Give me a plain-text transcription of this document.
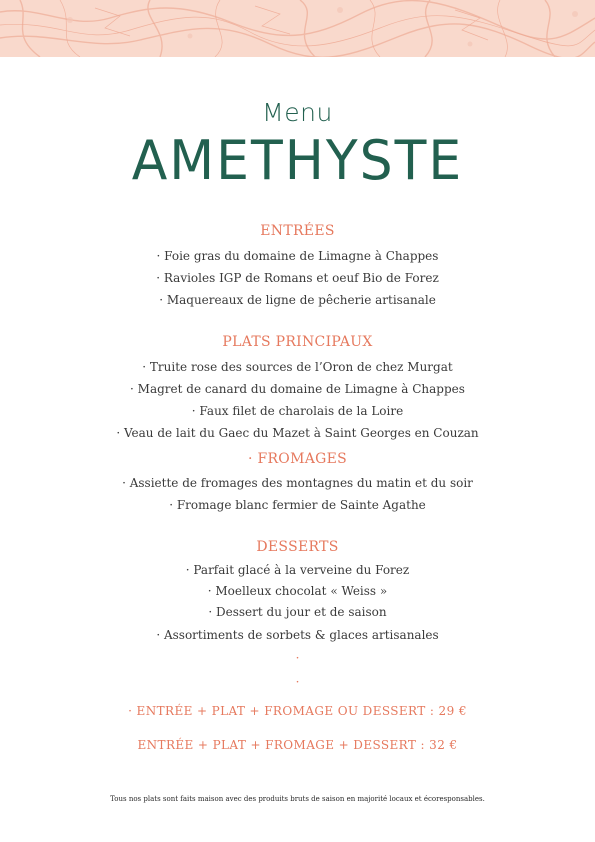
Menu
AMETHYSTE
ENTRÉES
· Foie gras du domaine de Limagne à Chappes
· Ravioles IGP de Romans et oeuf Bio de Forez
· Maquereaux de ligne de pêcherie artisanale
PLATS PRINCIPAUX
· Truite rose des sources de l’Oron de chez Murgat
· Magret de canard du domaine de Limagne à Chappes
· Faux filet de charolais de la Loire
· Veau de lait du Gaec du Mazet à Saint Georges en Couzan
· FROMAGES
· Assiette de fromages des montagnes du matin et du soir
· Fromage blanc fermier de Sainte Agathe
DESSERTS
· Parfait glacé à la verveine du Forez
· Moelleux chocolat « Weiss »
· Dessert du jour et de saison
· Assortiments de sorbets & glaces artisanales
·
·
· ENTRÉE + PLAT + FROMAGE OU DESSERT : 29 €
ENTRÉE + PLAT + FROMAGE + DESSERT : 32 €
Tous nos plats sont faits maison avec des produits bruts de saison en majorité locaux et écoresponsables.
